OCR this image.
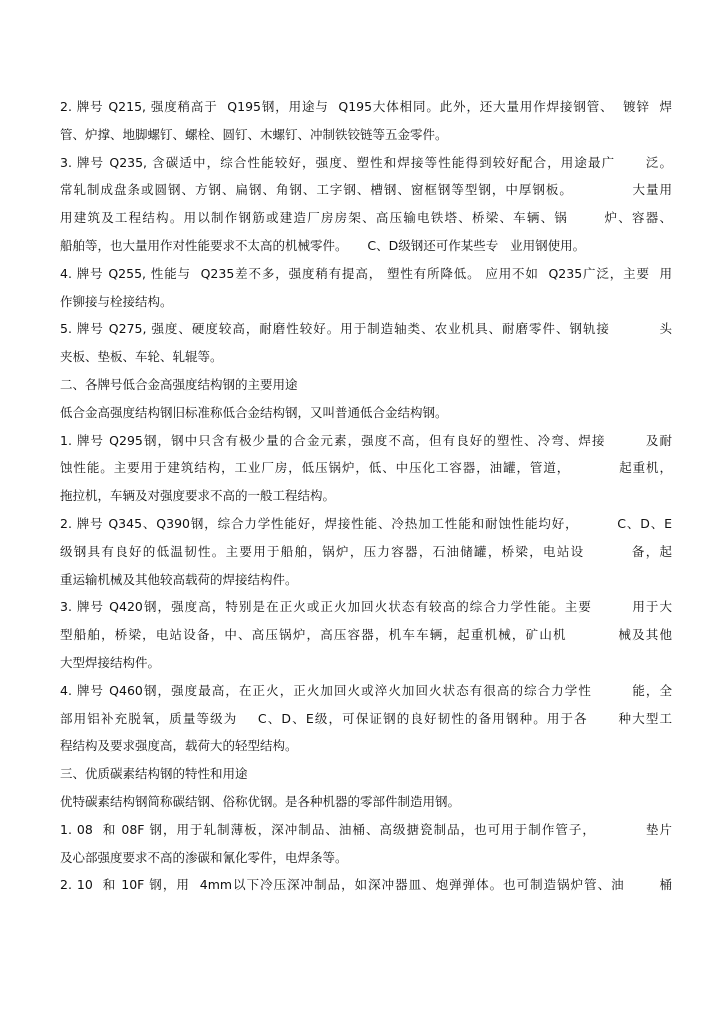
2. 牌号 Q215, 强度稍高于  Q195钢，用途与  Q195大体相同。此外，还大量用作焊接钢管、  镀锌  焊
管、炉撑、地脚螺钉、螺栓、圆钉、木螺钉、冲制铁铰链等五金零件。
3. 牌号 Q235, 含碳适中，综合性能较好，强度、塑性和焊接等性能得到较好配合，用途最广      泛。
常轧制成盘条或圆钢、方钢、扁钢、角钢、工字钢、槽钢、窗框钢等型钢，中厚钢板。            大量用
用建筑及工程结构。用以制作钢筋或建造厂房房架、高压输电铁塔、桥梁、车辆、锅       炉、容器、
船舶等，也大量用作对性能要求不太高的机械零件。     C、D级钢还可作某些专   业用钢使用。
4. 牌号 Q255, 性能与  Q235差不多，强度稍有提高， 塑性有所降低。 应用不如  Q235广泛，主要  用
作铆接与栓接结构。
5. 牌号 Q275, 强度、硬度较高，耐磨性较好。用于制造轴类、农业机具、耐磨零件、钢轨接          头
夹板、垫板、车轮、轧辊等。
二、各牌号低合金高强度结构钢的主要用途
低合金高强度结构钢旧标准称低合金结构钢，又叫普通低合金结构钢。
1. 牌号 Q295钢，钢中只含有极少量的合金元素，强度不高，但有良好的塑性、冷弯、焊接        及耐
蚀性能。主要用于建筑结构，工业厂房，低压锅炉，低、中压化工容器，油罐，管道，          起重机，
拖拉机，车辆及对强度要求不高的一般工程结构。
2. 牌号 Q345、Q390钢，综合力学性能好，焊接性能、冷热加工性能和耐蚀性能均好，        C、D、E
级钢具有良好的低温韧性。主要用于船舶，锅炉，压力容器，石油储罐，桥梁，电站设         备，起
重运输机械及其他较高载荷的焊接结构件。
3. 牌号 Q420钢，强度高，特别是在正火或正火加回火状态有较高的综合力学性能。主要        用于大
型船舶，桥梁，电站设备，中、高压锅炉，高压容器，机车车辆，起重机械，矿山机          械及其他
大型焊接结构件。
4. 牌号 Q460钢，强度最高，在正火，正火加回火或淬火加回火状态有很高的综合力学性        能，全
部用铝补充脱氧，质量等级为    C、D、E级，可保证钢的良好韧性的备用钢种。用于各      种大型工
程结构及要求强度高，载荷大的轻型结构。
三、优质碳素结构钢的特性和用途
优特碳素结构钢简称碳结钢、俗称优钢。是各种机器的零部件制造用钢。
1. 08  和 08F 钢，用于轧制薄板，深冲制品、油桶、高级搪瓷制品，也可用于制作管子，          垫片
及心部强度要求不高的渗碳和氰化零件，电焊条等。
2. 10  和 10F 钢，用  4mm以下冷压深冲制品，如深冲器皿、炮弹弹体。也可制造锅炉管、油       桶
